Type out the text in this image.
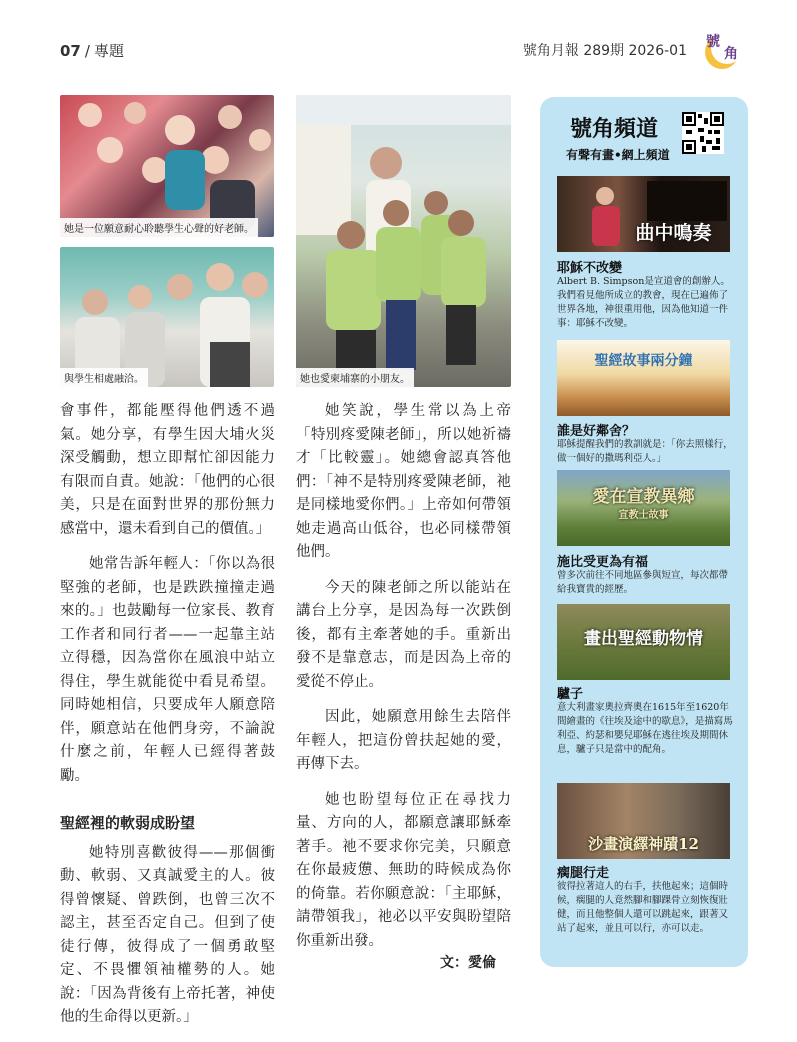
07 / 專題	號角月報 289期 2026-01
號
角
她是一位願意耐心聆聽學生心聲的好老師。
與學生相處融洽。	她也愛柬埔寨的小朋友。

會事件，都能壓得他們透不過氣。她分享，有學生因大埔火災深受觸動，想立即幫忙卻因能力有限而自責。她說：「他們的心很美，只是在面對世界的那份無力感當中，還未看到自己的價值。」

她常告訴年輕人：「你以為很堅強的老師，也是跌跌撞撞走過來的。」也鼓勵每一位家長、教育工作者和同行者——一起靠主站立得穩，因為當你在風浪中站立得住，學生就能從中看見希望。同時她相信，只要成年人願意陪伴，願意站在他們身旁，不論說什麼之前，年輕人已經得著鼓勵。

聖經裡的軟弱成盼望

她特別喜歡彼得——那個衝動、軟弱、又真誠愛主的人。彼得曾懷疑、曾跌倒，也曾三次不認主，甚至否定自己。但到了使徒行傳，彼得成了一個勇敢堅定、不畏懼領袖權勢的人。她說：「因為背後有上帝托著，神使他的生命得以更新。」

她笑說，學生常以為上帝「特別疼愛陳老師」，所以她祈禱才「比較靈」。她總會認真答他們：「神不是特別疼愛陳老師，祂是同樣地愛你們。」上帝如何帶領她走過高山低谷，也必同樣帶領他們。

今天的陳老師之所以能站在講台上分享，是因為每一次跌倒後，都有主牽著她的手。重新出發不是靠意志，而是因為上帝的愛從不停止。

因此，她願意用餘生去陪伴年輕人，把這份曾扶起她的愛，再傳下去。

她也盼望每位正在尋找力量、方向的人，都願意讓耶穌牽著手。祂不要求你完美，只願意在你最疲憊、無助的時候成為你的倚靠。若你願意說：「主耶穌，請帶領我」，祂必以平安與盼望陪你重新出發。

文：愛倫
號角頻道
有聲有畫•網上頻道
曲中鳴奏
耶穌不改變
Albert B. Simpson是宣道會的創辦人。我們看見他所成立的教會，現在已遍佈了世界各地，神很重用他，因為他知道一件事：耶穌不改變。
聖經故事兩分鐘
誰是好鄰舍？
耶穌提醒我們的教訓就是：「你去照樣行，做一個好的撒瑪利亞人。」
愛在宣教異鄉
宣教士故事
施比受更為有福
曾多次前往不同地區參與短宣，每次都帶給我寶貴的經歷。
畫出聖經動物情
驢子
意大利畫家奧拉齊奧在1615年至1620年間繪畫的《往埃及途中的歇息》，是描寫馬利亞、約瑟和嬰兒耶穌在逃往埃及期間休息，驢子只是當中的配角。
沙畫演繹神蹟12
瘸腿行走
彼得拉著這人的右手，扶他起來；這個時候，瘸腿的人竟然腳和腳踝骨立刻恢復壯健，而且他整個人還可以跳起來，跟著又站了起來，並且可以行，亦可以走。
